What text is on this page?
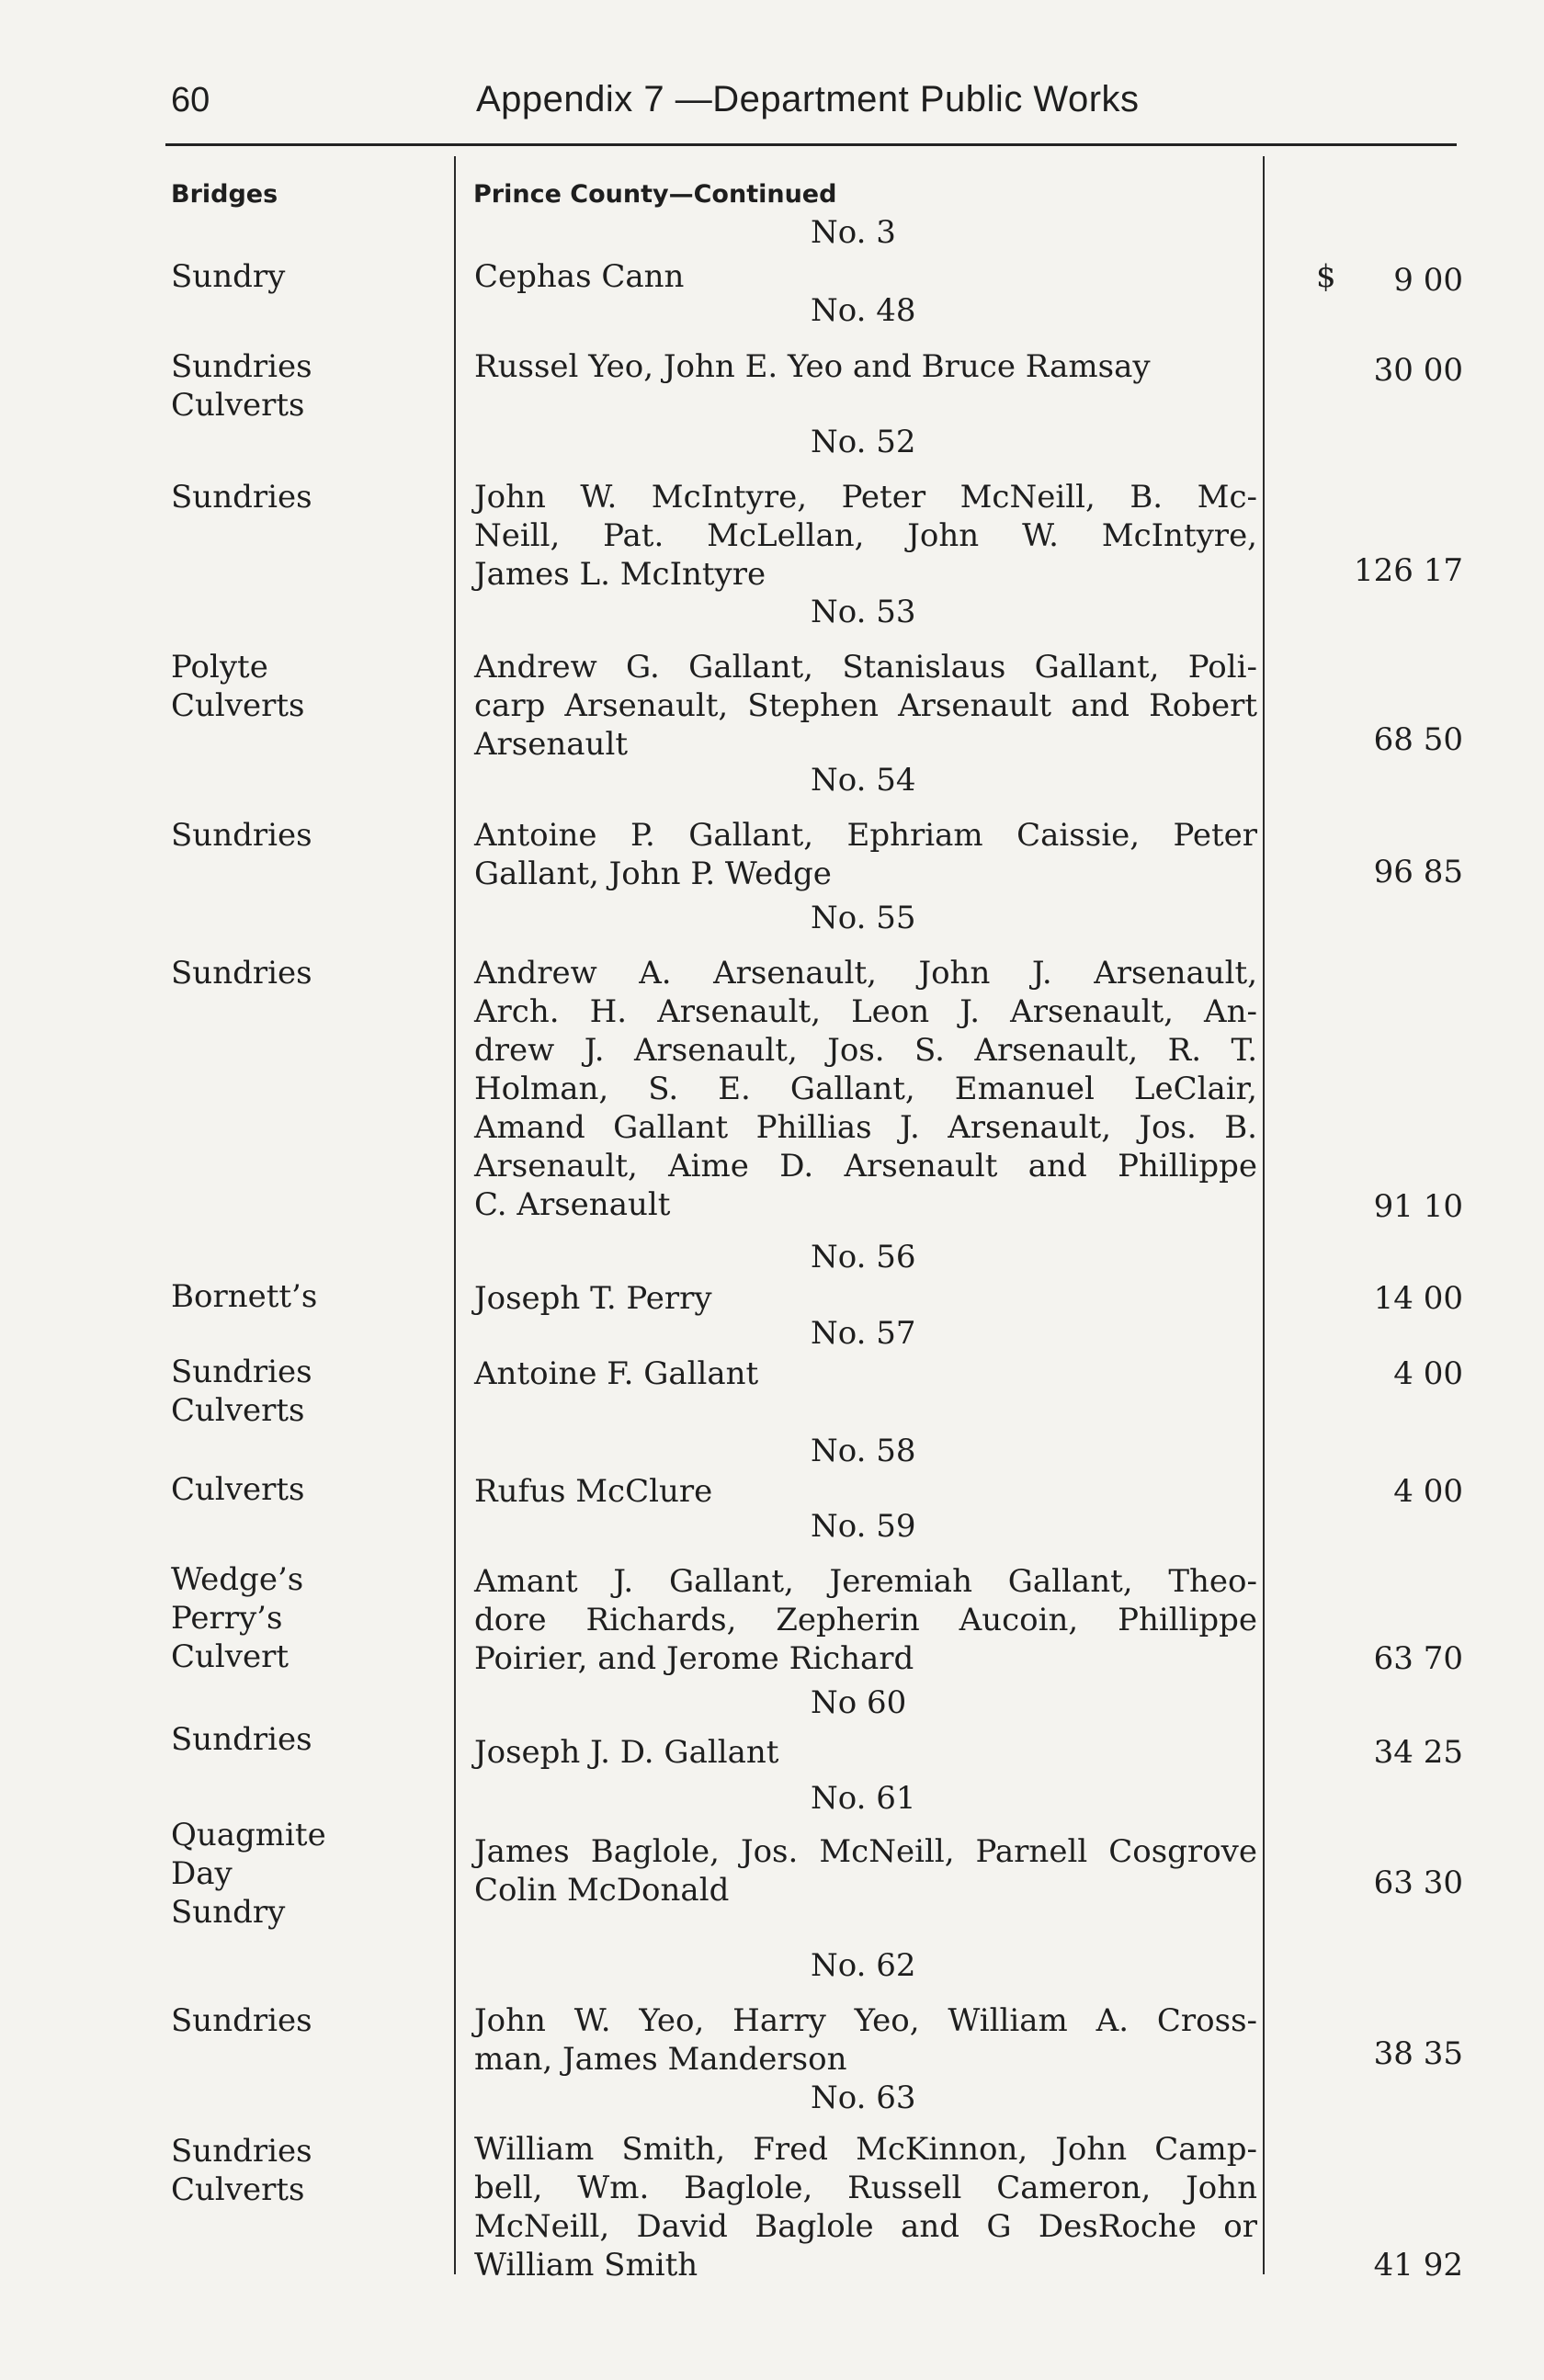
60	Appendix 7 —Department Public Works
Bridges	Prince County—Continued
$
No. 3
Sundry	Cephas Cann	9 00
No. 48
Sundries
Culverts
Russel Yeo, John E. Yeo and Bruce Ramsay	30 00
No. 52
Sundries	John W. McIntyre, Peter McNeill, B. Mc-
Neill, Pat. McLellan, John W. McIntyre,
James L. McIntyre	126 17
No. 53
Polyte
Culverts
Andrew G. Gallant, Stanislaus Gallant, Poli-
carp Arsenault, Stephen Arsenault and Robert
Arsenault	68 50
No. 54
Sundries	Antoine P. Gallant, Ephriam Caissie, Peter
Gallant, John P. Wedge	96 85
No. 55
Sundries	Andrew A. Arsenault, John J. Arsenault,
Arch. H. Arsenault, Leon J. Arsenault, An-
drew J. Arsenault, Jos. S. Arsenault, R. T.
Holman, S. E. Gallant, Emanuel LeClair,
Amand Gallant Phillias J. Arsenault, Jos. B.
Arsenault, Aime D. Arsenault and Phillippe
C. Arsenault	91 10
No. 56
Bornett’s	Joseph T. Perry	14 00
No. 57
Sundries
Culverts
Antoine F. Gallant	4 00
No. 58
Culverts	Rufus McClure	4 00
No. 59
Wedge’s
Perry’s
Culvert
Amant J. Gallant, Jeremiah Gallant, Theo-
dore Richards, Zepherin Aucoin, Phillippe
Poirier, and Jerome Richard	63 70
No 60
Sundries	Joseph J. D. Gallant	34 25
No. 61
Quagmite
Day
Sundry
James Baglole, Jos. McNeill, Parnell Cosgrove
Colin McDonald	63 30
No. 62
Sundries	John W. Yeo, Harry Yeo, William A. Cross-
man, James Manderson	38 35
No. 63
Sundries
Culverts
William Smith, Fred McKinnon, John Camp-
bell, Wm. Baglole, Russell Cameron, John
McNeill, David Baglole and G DesRoche or
William Smith	41 92
